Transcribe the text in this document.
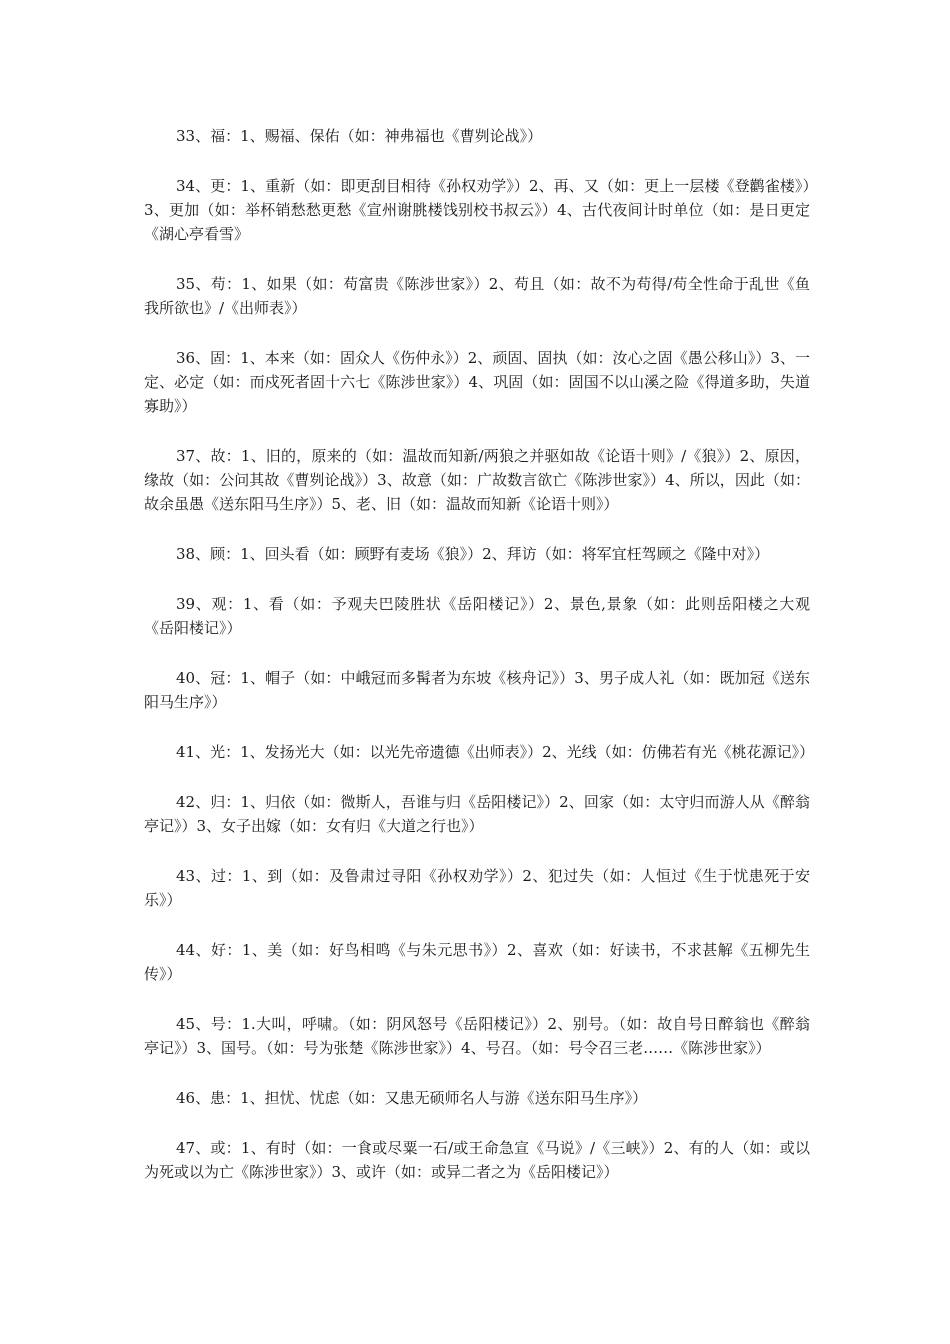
33、福：1、赐福、保佑（如：神弗福也《曹刿论战》）

34、更：1、重新（如：即更刮目相待《孙权劝学》）2、再、又（如：更上一层楼《登鹳雀楼》）3、更加（如：举杯销愁愁更愁《宣州谢朓楼饯别校书叔云》）4、古代夜间计时单位（如：是日更定《湖心亭看雪》

35、苟：1、如果（如：苟富贵《陈涉世家》）2、苟且（如：故不为苟得/苟全性命于乱世《鱼我所欲也》/《出师表》）

36、固：1、本来（如：固众人《伤仲永》）2、顽固、固执（如：汝心之固《愚公移山》）3、一定、必定（如：而戍死者固十六七《陈涉世家》）4、巩固（如：固国不以山溪之险《得道多助，失道寡助》）

37、故：1、旧的，原来的（如：温故而知新/两狼之并驱如故《论语十则》/《狼》）2、原因，缘故（如：公问其故《曹刿论战》）3、故意（如：广故数言欲亡《陈涉世家》）4、所以，因此（如：故余虽愚《送东阳马生序》）5、老、旧（如：温故而知新《论语十则》）

38、顾：1、回头看（如：顾野有麦场《狼》）2、拜访（如：将军宜枉驾顾之《隆中对》）

39、观：1、看（如：予观夫巴陵胜状《岳阳楼记》）2、景色,景象（如：此则岳阳楼之大观《岳阳楼记》）

40、冠：1、帽子（如：中峨冠而多髯者为东坡《核舟记》）3、男子成人礼（如：既加冠《送东阳马生序》）

41、光：1、发扬光大（如：以光先帝遗德《出师表》）2、光线（如：仿佛若有光《桃花源记》）

42、归：1、归依（如：微斯人，吾谁与归《岳阳楼记》）2、回家（如：太守归而游人从《醉翁亭记》）3、女子出嫁（如：女有归《大道之行也》）

43、过：1、到（如：及鲁肃过寻阳《孙权劝学》）2、犯过失（如：人恒过《生于忧患死于安乐》）

44、好：1、美（如：好鸟相鸣《与朱元思书》）2、喜欢（如：好读书，不求甚解《五柳先生传》）

45、号：1.大叫，呼啸。（如：阴风怒号《岳阳楼记》）2、别号。（如：故自号日醉翁也《醉翁亭记》）3、国号。（如：号为张楚《陈涉世家》）4、号召。（如：号令召三老……《陈涉世家》）

46、患：1、担忧、忧虑（如：又患无硕师名人与游《送东阳马生序》）

47、或：1、有时（如：一食或尽粟一石/或王命急宣《马说》/《三峡》）2、有的人（如：或以为死或以为亡《陈涉世家》）3、或许（如：或异二者之为《岳阳楼记》）
